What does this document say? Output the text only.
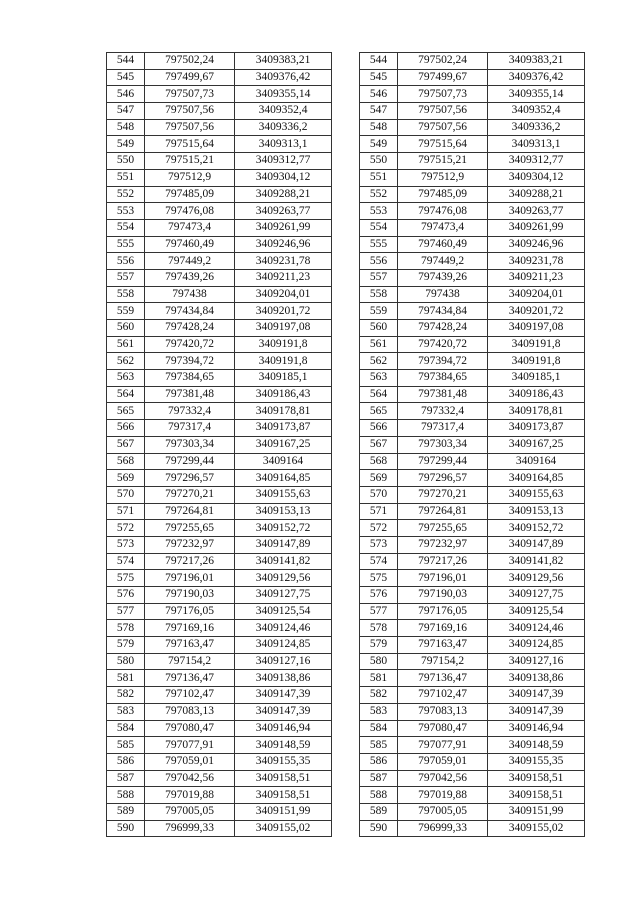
544	797502,24	3409383,21
545	797499,67	3409376,42
546	797507,73	3409355,14
547	797507,56	3409352,4
548	797507,56	3409336,2
549	797515,64	3409313,1
550	797515,21	3409312,77
551	797512,9	3409304,12
552	797485,09	3409288,21
553	797476,08	3409263,77
554	797473,4	3409261,99
555	797460,49	3409246,96
556	797449,2	3409231,78
557	797439,26	3409211,23
558	797438	3409204,01
559	797434,84	3409201,72
560	797428,24	3409197,08
561	797420,72	3409191,8
562	797394,72	3409191,8
563	797384,65	3409185,1
564	797381,48	3409186,43
565	797332,4	3409178,81
566	797317,4	3409173,87
567	797303,34	3409167,25
568	797299,44	3409164
569	797296,57	3409164,85
570	797270,21	3409155,63
571	797264,81	3409153,13
572	797255,65	3409152,72
573	797232,97	3409147,89
574	797217,26	3409141,82
575	797196,01	3409129,56
576	797190,03	3409127,75
577	797176,05	3409125,54
578	797169,16	3409124,46
579	797163,47	3409124,85
580	797154,2	3409127,16
581	797136,47	3409138,86
582	797102,47	3409147,39
583	797083,13	3409147,39
584	797080,47	3409146,94
585	797077,91	3409148,59
586	797059,01	3409155,35
587	797042,56	3409158,51
588	797019,88	3409158,51
589	797005,05	3409151,99
590	796999,33	3409155,02
544	797502,24	3409383,21
545	797499,67	3409376,42
546	797507,73	3409355,14
547	797507,56	3409352,4
548	797507,56	3409336,2
549	797515,64	3409313,1
550	797515,21	3409312,77
551	797512,9	3409304,12
552	797485,09	3409288,21
553	797476,08	3409263,77
554	797473,4	3409261,99
555	797460,49	3409246,96
556	797449,2	3409231,78
557	797439,26	3409211,23
558	797438	3409204,01
559	797434,84	3409201,72
560	797428,24	3409197,08
561	797420,72	3409191,8
562	797394,72	3409191,8
563	797384,65	3409185,1
564	797381,48	3409186,43
565	797332,4	3409178,81
566	797317,4	3409173,87
567	797303,34	3409167,25
568	797299,44	3409164
569	797296,57	3409164,85
570	797270,21	3409155,63
571	797264,81	3409153,13
572	797255,65	3409152,72
573	797232,97	3409147,89
574	797217,26	3409141,82
575	797196,01	3409129,56
576	797190,03	3409127,75
577	797176,05	3409125,54
578	797169,16	3409124,46
579	797163,47	3409124,85
580	797154,2	3409127,16
581	797136,47	3409138,86
582	797102,47	3409147,39
583	797083,13	3409147,39
584	797080,47	3409146,94
585	797077,91	3409148,59
586	797059,01	3409155,35
587	797042,56	3409158,51
588	797019,88	3409158,51
589	797005,05	3409151,99
590	796999,33	3409155,02
